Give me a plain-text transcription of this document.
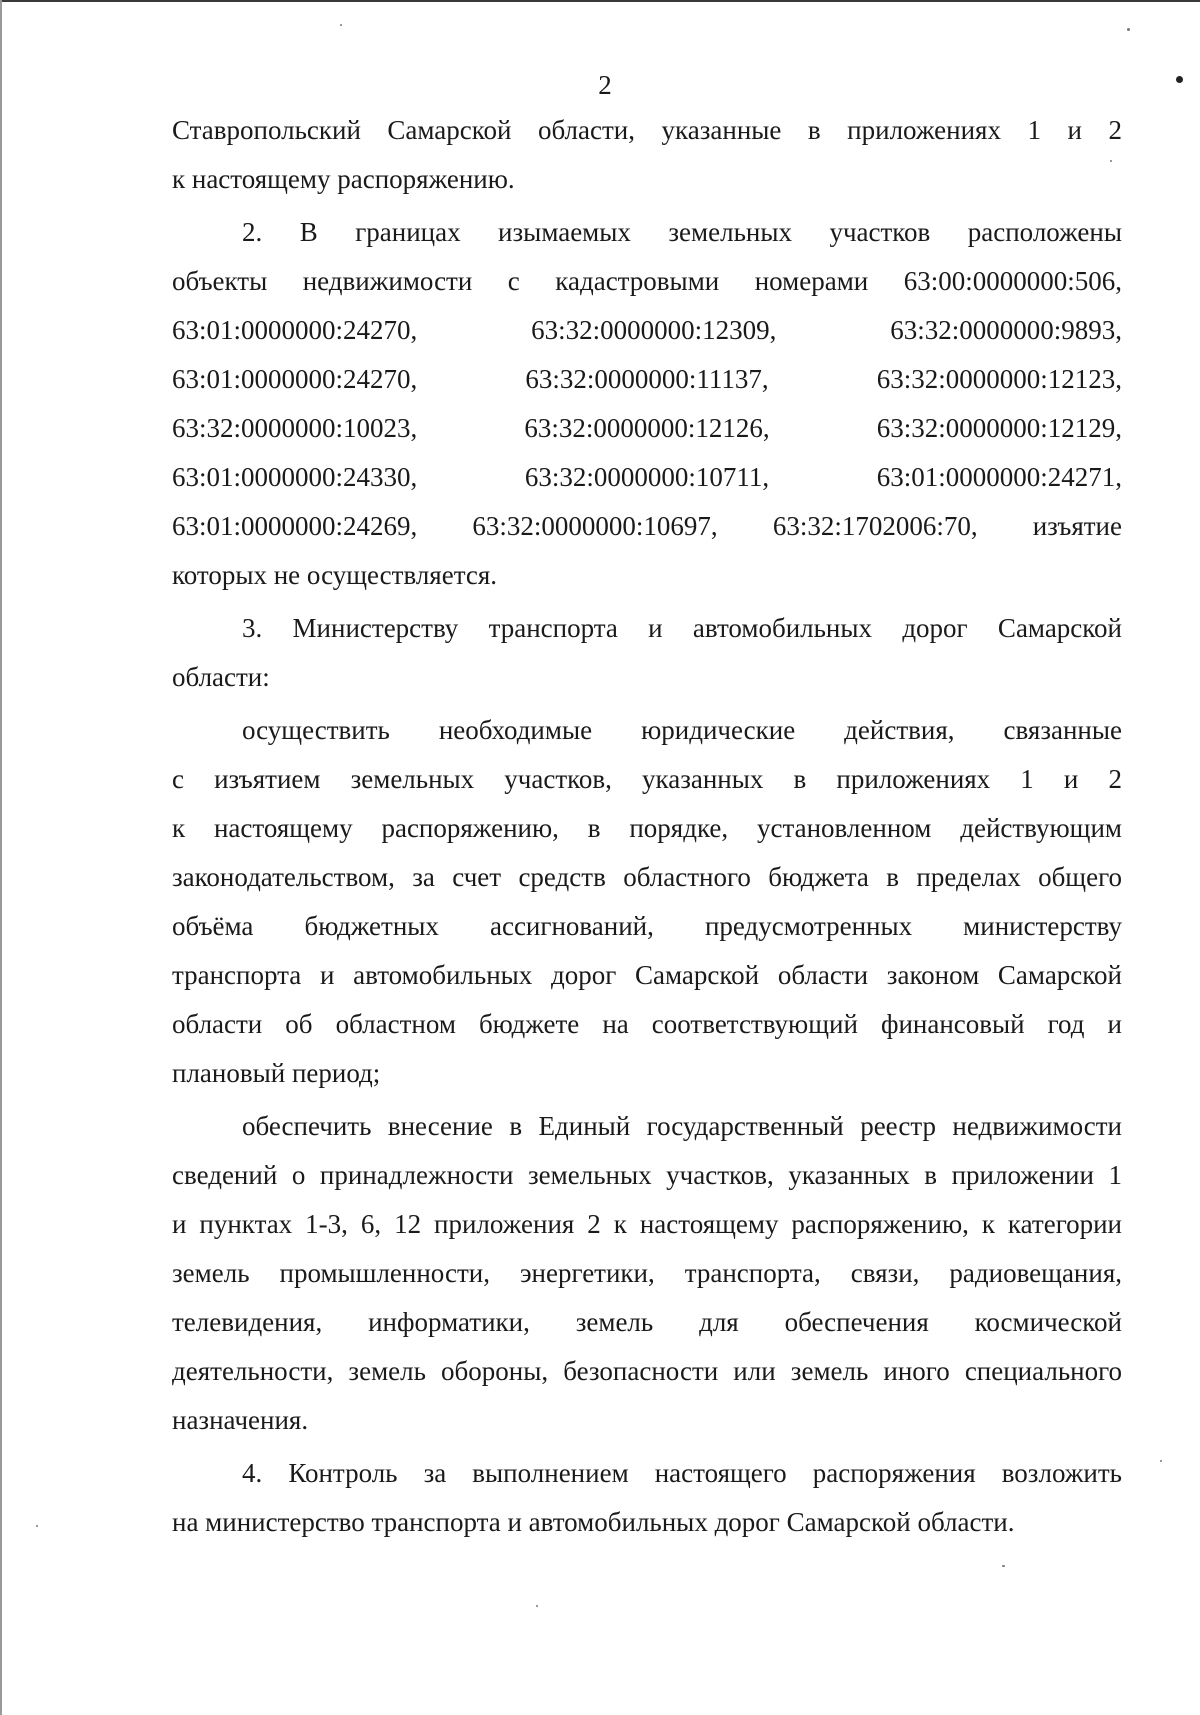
2
Ставропольский Самарской области, указанные в приложениях 1 и 2
к настоящему распоряжению.
2. В границах изымаемых земельных участков расположены
объекты недвижимости с кадастровыми номерами 63:00:0000000:506,
63:01:0000000:24270,	63:32:0000000:12309,	63:32:0000000:9893,
63:01:0000000:24270,	63:32:0000000:11137,	63:32:0000000:12123,
63:32:0000000:10023,	63:32:0000000:12126,	63:32:0000000:12129,
63:01:0000000:24330,	63:32:0000000:10711,	63:01:0000000:24271,
63:01:0000000:24269, 63:32:0000000:10697, 63:32:1702006:70, изъятие
которых не осуществляется.
3. Министерству транспорта и автомобильных дорог Самарской
области:
осуществить необходимые юридические действия, связанные
с изъятием земельных участков, указанных в приложениях 1 и 2
к настоящему распоряжению, в порядке, установленном действующим
законодательством, за счет средств областного бюджета в пределах общего
объёма бюджетных ассигнований, предусмотренных министерству
транспорта и автомобильных дорог Самарской области законом Самарской
области об областном бюджете на соответствующий финансовый год и
плановый период;
обеспечить внесение в Единый государственный реестр недвижимости
сведений о принадлежности земельных участков, указанных в приложении 1
и пунктах 1-3, 6, 12 приложения 2 к настоящему распоряжению, к категории
земель промышленности, энергетики, транспорта, связи, радиовещания,
телевидения, информатики, земель для обеспечения космической
деятельности, земель обороны, безопасности или земель иного специального
назначения.
4. Контроль за выполнением настоящего распоряжения возложить
на министерство транспорта и автомобильных дорог Самарской области.
